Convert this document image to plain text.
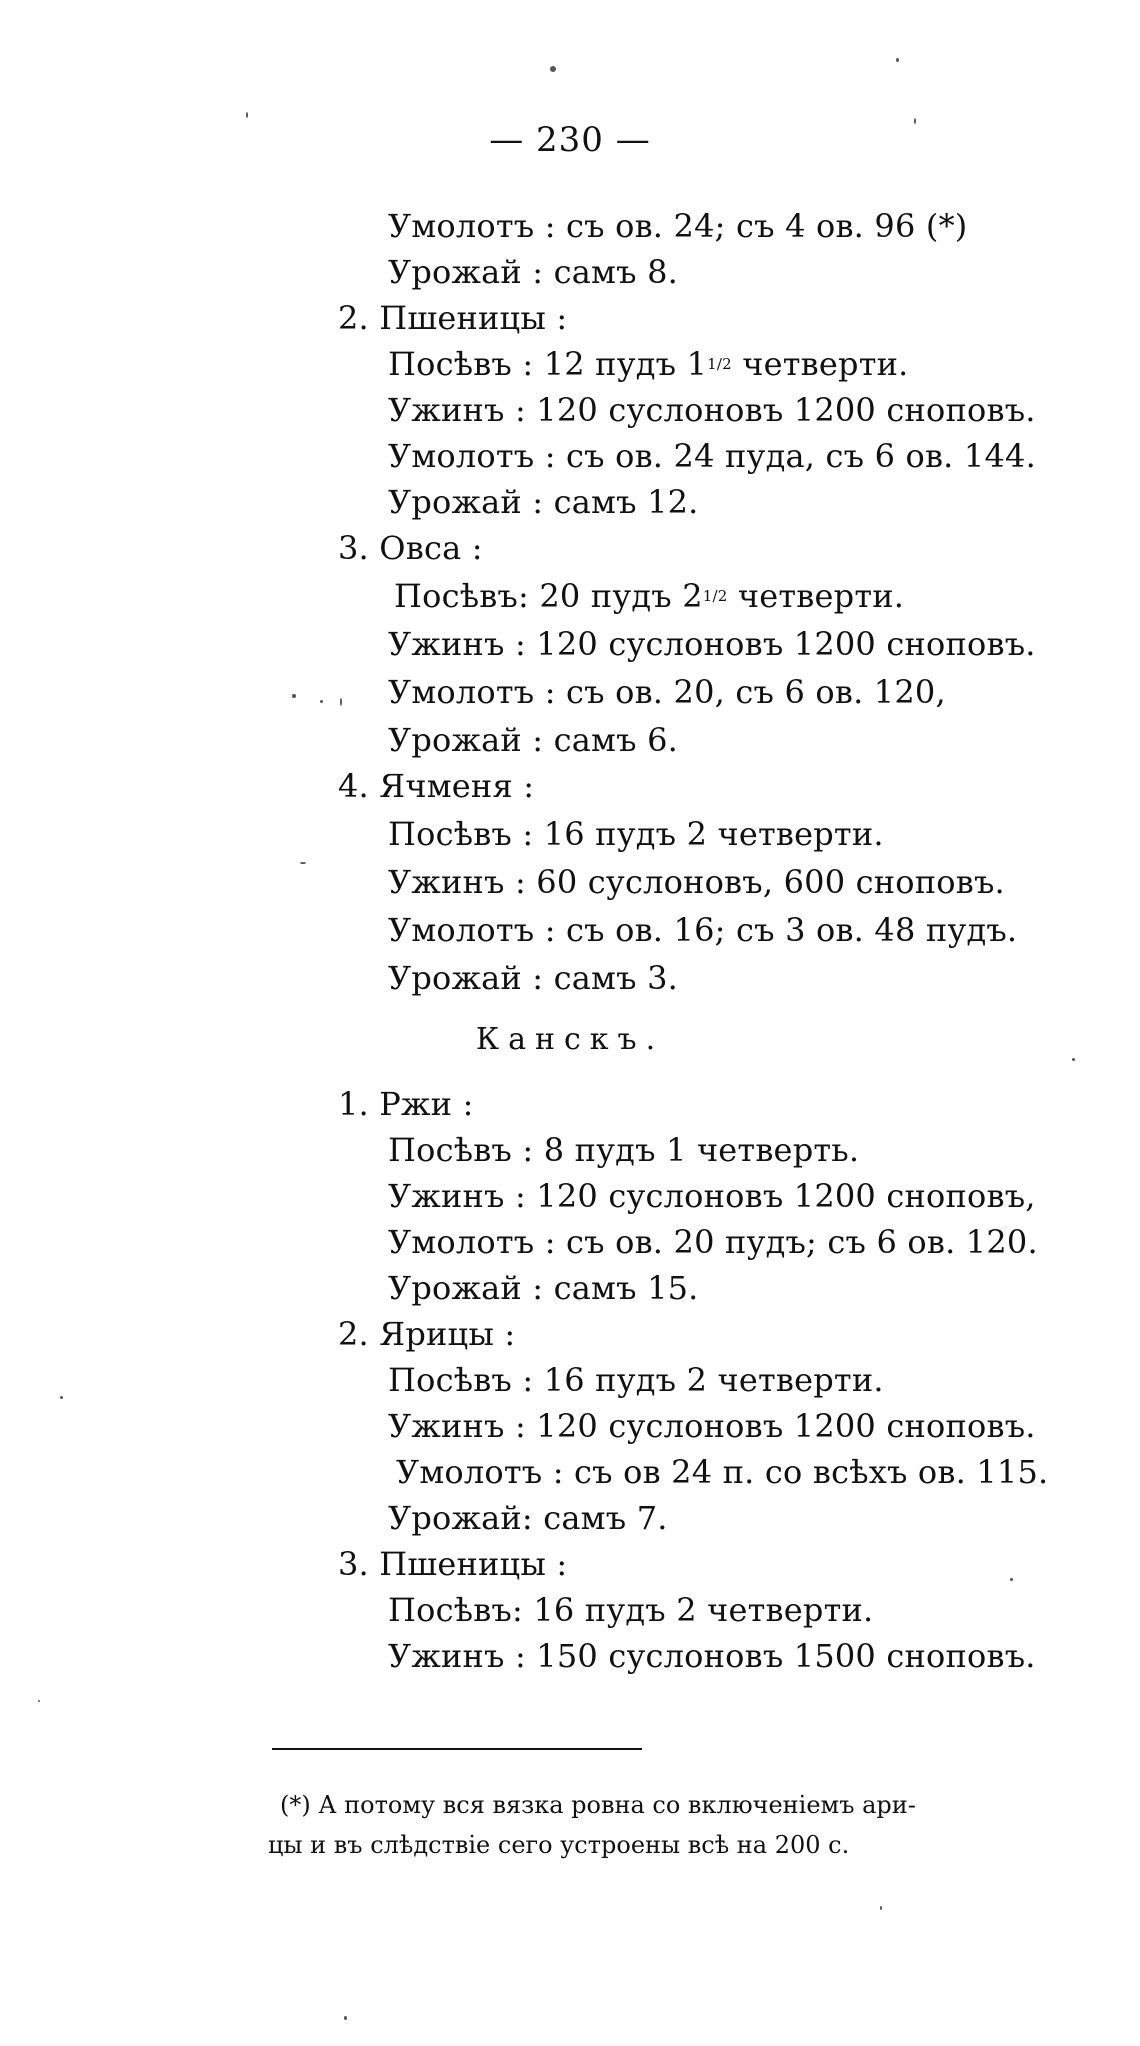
— 230 —
Умолотъ : съ ов. 24; съ 4 ов. 96 (*)
Урожай : самъ 8.
2. Пшеницы :
Посѣвъ : 12 пудъ 11/2 четверти.
Ужинъ : 120 суслоновъ 1200 сноповъ.
Умолотъ : съ ов. 24 пуда, съ 6 ов. 144.
Урожай : самъ 12.
3. Овса :
Посѣвъ: 20 пудъ 21/2 четверти.
Ужинъ : 120 суслоновъ 1200 сноповъ.
Умолотъ : съ ов. 20, съ 6 ов. 120,
Урожай : самъ 6.
4. Ячменя :
Посѣвъ : 16 пудъ 2 четверти.
Ужинъ : 60 суслоновъ, 600 сноповъ.
Умолотъ : съ ов. 16; съ 3 ов. 48 пудъ.
Урожай : самъ 3.
Канскъ.
1. Ржи :
Посѣвъ : 8 пудъ 1 четверть.
Ужинъ : 120 суслоновъ 1200 сноповъ,
Умолотъ : съ ов. 20 пудъ; съ 6 ов. 120.
Урожай : самъ 15.
2. Ярицы :
Посѣвъ : 16 пудъ 2 четверти.
Ужинъ : 120 суслоновъ 1200 сноповъ.
Умолотъ : съ ов 24 п. со всѣхъ ов. 115.
Урожай: самъ 7.
3. Пшеницы :
Посѣвъ: 16 пудъ 2 четверти.
Ужинъ : 150 суслоновъ 1500 сноповъ.
(*) А потому вся вязка ровна со включеніемъ ари-
цы и въ слѣдствіе сего устроены всѣ на 200 с.
